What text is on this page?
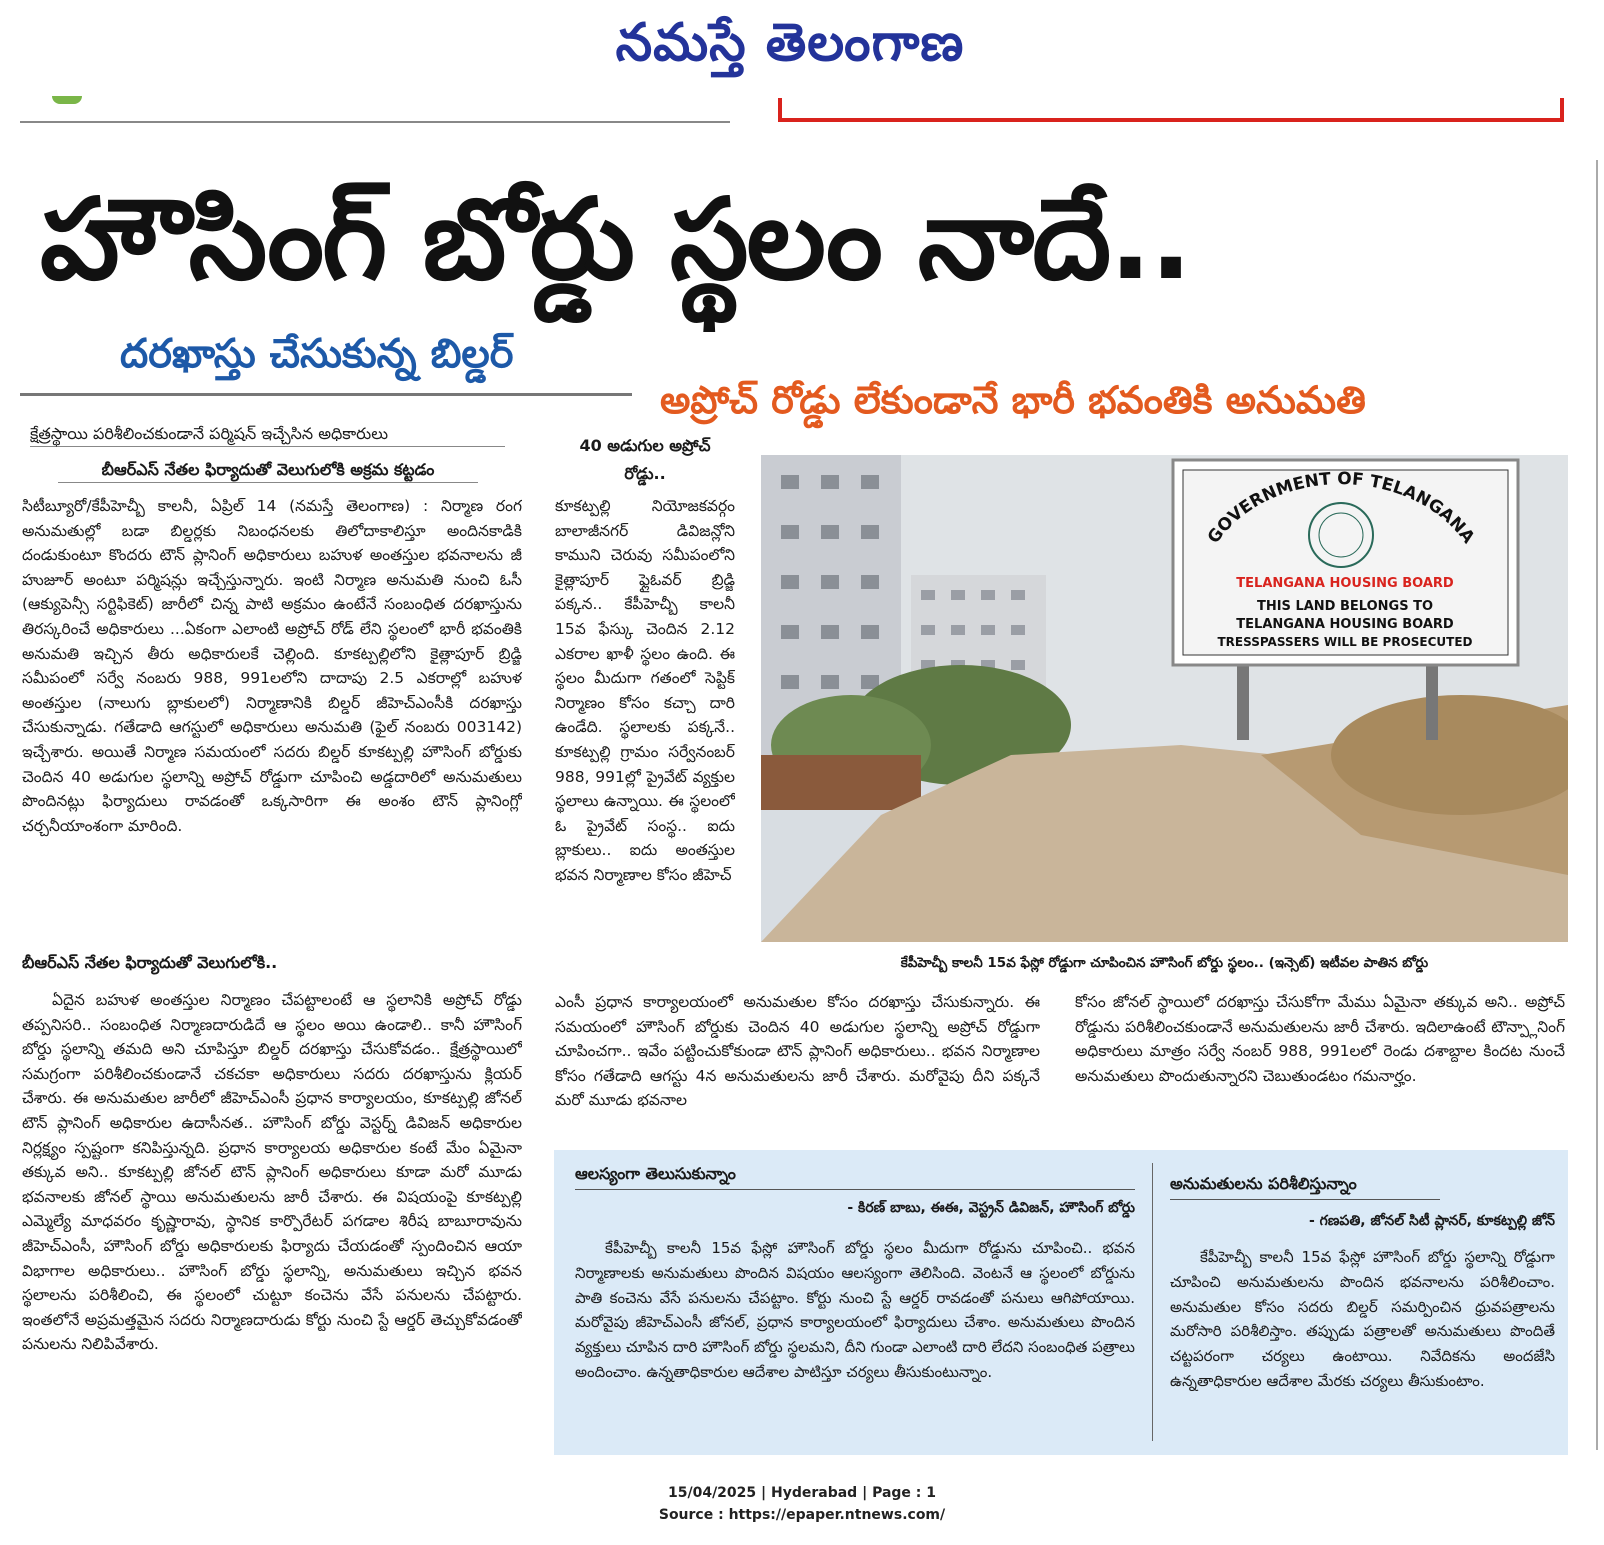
నమస్తే తెలంగాణ
హౌసింగ్ బోర్డు స్థలం నాదే..
దరఖాస్తు చేసుకున్న బిల్డర్
అప్రోచ్ రోడ్డు లేకుండానే భారీ భవంతికి అనుమతి
క్షేత్రస్థాయి పరిశీలించకుండానే పర్మిషన్ ఇచ్చేసిన అధికారులు
బీఆర్ఎస్ నేతల ఫిర్యాదుతో వెలుగులోకి అక్రమ కట్టడం
సిటీబ్యూరో/కేపీహెచ్బీ కాలనీ, ఏప్రిల్ 14 (నమస్తే తెలంగాణ) : నిర్మాణ రంగ అనుమతుల్లో బడా బిల్డర్లకు నిబంధనలకు తిలోదాకాలిస్తూ అందినకాడికి దండుకుంటూ కొందరు టౌన్ ప్లానింగ్ అధికారులు బహుళ అంతస్తుల భవనాలను జీ హుజూర్ అంటూ పర్మిషన్లు ఇచ్చేస్తున్నారు. ఇంటి నిర్మాణ అనుమతి నుంచి ఓసీ (ఆక్యుపెన్సీ సర్టిఫికెట్) జారీలో చిన్న పాటి అక్రమం ఉంటేనే సంబంధిత దరఖాస్తును తిరస్కరించే అధికారులు ...ఏకంగా ఎలాంటి అప్రోచ్ రోడ్ లేని స్థలంలో భారీ భవంతికి అనుమతి ఇచ్చిన తీరు అధికారులకే చెల్లింది. కూకట్పల్లిలోని కైత్లాపూర్ బ్రిడ్జి సమీపంలో సర్వే నంబరు 988, 991లలోని దాదాపు 2.5 ఎకరాల్లో బహుళ అంతస్తుల (నాలుగు బ్లాకులలో) నిర్మాణానికి బిల్డర్ జీహెచ్ఎంసీకి దరఖాస్తు చేసుకున్నాడు. గతేడాది ఆగస్టులో అధికారులు అనుమతి (ఫైల్ నంబరు 003142) ఇచ్చేశారు. అయితే నిర్మాణ సమయంలో సదరు బిల్డర్ కూకట్పల్లి హౌసింగ్ బోర్డుకు చెందిన 40 అడుగుల స్థలాన్ని అప్రోచ్ రోడ్డుగా చూపించి అడ్డదారిలో అనుమతులు పొందినట్లు ఫిర్యాదులు రావడంతో ఒక్కసారిగా ఈ అంశం టౌన్ ప్లానింగ్లో చర్చనీయాంశంగా మారింది.
బీఆర్ఎస్ నేతల ఫిర్యాదుతో వెలుగులోకి..
ఏదైన బహుళ అంతస్తుల నిర్మాణం చేపట్టాలంటే ఆ స్థలానికి అప్రోచ్ రోడ్డు తప్పనిసరి.. సంబంధిత నిర్మాణదారుడిదే ఆ స్థలం అయి ఉండాలి.. కానీ హౌసింగ్ బోర్డు స్థలాన్ని తమది అని చూపిస్తూ బిల్డర్ దరఖాస్తు చేసుకోవడం.. క్షేత్రస్థాయిలో సమగ్రంగా పరిశీలించకుండానే చకచకా అధికారులు సదరు దరఖాస్తును క్లియర్ చేశారు. ఈ అనుమతుల జారీలో జీహెచ్ఎంసీ ప్రధాన కార్యాలయం, కూకట్పల్లి జోనల్ టౌన్ ప్లానింగ్ అధికారుల ఉదాసీనత.. హౌసింగ్ బోర్డు వెస్టర్న్ డివిజన్ అధికారుల నిర్లక్ష్యం స్పష్టంగా కనిపిస్తున్నది. ప్రధాన కార్యాలయ అధికారుల కంటే మేం ఏమైనా తక్కువ అని.. కూకట్పల్లి జోనల్ టౌన్ ప్లానింగ్ అధికారులు కూడా మరో మూడు భవనాలకు జోనల్ స్థాయి అనుమతులను జారీ చేశారు. ఈ విషయంపై కూకట్పల్లి ఎమ్మెల్యే మాధవరం కృష్ణారావు, స్థానిక కార్పొరేటర్ పగడాల శిరీష బాబూరావును జీహెచ్ఎంసీ, హౌసింగ్ బోర్డు అధికారులకు ఫిర్యాదు చేయడంతో స్పందించిన ఆయా విభాగాల అధికారులు.. హౌసింగ్ బోర్డు స్థలాన్ని, అనుమతులు ఇచ్చిన భవన స్థలాలను పరిశీలించి, ఈ స్థలంలో చుట్టూ కంచెను వేసే పనులను చేపట్టారు. ఇంతలోనే అప్రమత్తమైన సదరు నిర్మాణదారుడు కోర్టు నుంచి స్టే ఆర్డర్ తెచ్చుకోవడంతో పనులను నిలిపివేశారు.
40 అడుగుల అప్రోచ్ రోడ్డు..
కూకట్పల్లి నియోజకవర్గం బాలాజీనగర్ డివిజన్లోని కాముని చెరువు సమీపంలోని కైత్లాపూర్ ఫ్లైఓవర్ బ్రిడ్జి పక్కన.. కేపీహెచ్బీ కాలనీ 15వ ఫేస్కు చెందిన 2.12 ఎకరాల ఖాళీ స్థలం ఉంది. ఈ స్థలం మీదుగా గతంలో సెప్టిక్ నిర్మాణం కోసం కచ్చా దారి ఉండేది. స్థలాలకు పక్కనే.. కూకట్పల్లి గ్రామం సర్వేనంబర్ 988, 991ల్లో ప్రైవేట్ వ్యక్తుల స్థలాలు ఉన్నాయి. ఈ స్థలంలో ఓ ప్రైవేట్ సంస్థ.. ఐదు బ్లాకులు.. ఐదు అంతస్తుల భవన నిర్మాణాల కోసం జీహెచ్
GOVERNMENT OF TELANGANA
TELANGANA HOUSING BOARD
THIS LAND BELONGS TO
TELANGANA HOUSING BOARD
TRESSPASSERS WILL BE PROSECUTED
కేపీహెచ్బీ కాలనీ 15వ ఫేస్లో రోడ్డుగా చూపించిన హౌసింగ్ బోర్డు స్థలం.. (ఇన్సెట్) ఇటీవల పాతిన బోర్డు
ఎంసీ ప్రధాన కార్యాలయంలో అనుమతుల కోసం దరఖాస్తు చేసుకున్నారు. ఈ సమయంలో హౌసింగ్ బోర్డుకు చెందిన 40 అడుగుల స్థలాన్ని అప్రోచ్ రోడ్డుగా చూపించగా.. ఇవేం పట్టించుకోకుండా టౌన్ ప్లానింగ్ అధికారులు.. భవన నిర్మాణాల కోసం గతేడాది ఆగస్టు 4న అనుమతులను జారీ చేశారు. మరోవైపు దీని పక్కనే మరో మూడు భవనాల
కోసం జోనల్ స్థాయిలో దరఖాస్తు చేసుకోగా మేము ఏమైనా తక్కువ అని.. అప్రోచ్ రోడ్డును పరిశీలించకుండానే అనుమతులను జారీ చేశారు. ఇదిలాఉంటే టౌన్ప్లానింగ్ అధికారులు మాత్రం సర్వే నంబర్ 988, 991లలో రెండు దశాబ్దాల కిందట నుంచే అనుమతులు పొందుతున్నారని చెబుతుండటం గమనార్హం.
ఆలస్యంగా తెలుసుకున్నాం
- కిరణ్ బాబు, ఈఈ, వెస్ట్రన్ డివిజన్, హౌసింగ్ బోర్డు
కేపీహెచ్బీ కాలనీ 15వ ఫేస్లో హౌసింగ్ బోర్డు స్థలం మీదుగా రోడ్డును చూపించి.. భవన నిర్మాణాలకు అనుమతులు పొందిన విషయం ఆలస్యంగా తెలిసింది. వెంటనే ఆ స్థలంలో బోర్డును పాతి కంచెను వేసే పనులను చేపట్టాం. కోర్టు నుంచి స్టే ఆర్డర్ రావడంతో పనులు ఆగిపోయాయి. మరోవైపు జీహెచ్ఎంసీ జోనల్, ప్రధాన కార్యాలయంలో ఫిర్యాదులు చేశాం. అనుమతులు పొందిన వ్యక్తులు చూపిన దారి హౌసింగ్ బోర్డు స్థలమని, దీని గుండా ఎలాంటి దారి లేదని సంబంధిత పత్రాలు అందించాం. ఉన్నతాధికారుల ఆదేశాల పాటిస్తూ చర్యలు తీసుకుంటున్నాం.
అనుమతులను పరిశీలిస్తున్నాం
- గణపతి, జోనల్ సిటీ ప్లానర్, కూకట్పల్లి జోన్
కేపీహెచ్బీ కాలనీ 15వ ఫేస్లో హౌసింగ్ బోర్డు స్థలాన్ని రోడ్డుగా చూపించి అనుమతులను పొందిన భవనాలను పరిశీలించాం. అనుమతుల కోసం సదరు బిల్డర్ సమర్పించిన ధ్రువపత్రాలను మరోసారి పరిశీలిస్తాం. తప్పుడు పత్రాలతో అనుమతులు పొందితే చట్టపరంగా చర్యలు ఉంటాయి. నివేదికను అందజేసి ఉన్నతాధికారుల ఆదేశాల మేరకు చర్యలు తీసుకుంటాం.
15/04/2025 | Hyderabad | Page : 1
Source : https://epaper.ntnews.com/
